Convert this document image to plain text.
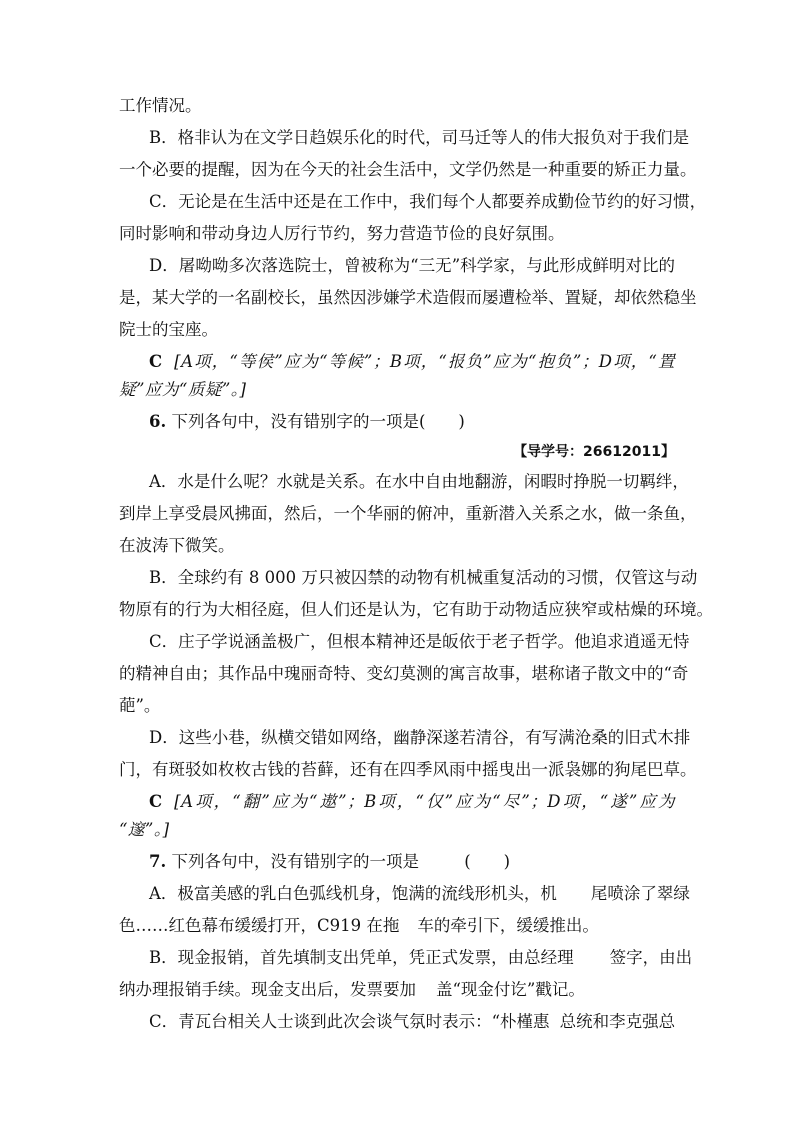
工作情况。
B．格非认为在文学日趋娱乐化的时代，司马迁等人的伟大报负对于我们是
一个必要的提醒，因为在今天的社会生活中，文学仍然是一种重要的矫正力量。
C．无论是在生活中还是在工作中，我们每个人都要养成勤俭节约的好习惯，
同时影响和带动身边人厉行节约，努力营造节俭的良好氛围。
D．屠呦呦多次落选院士，曾被称为“三无”科学家，与此形成鲜明对比的
是，某大学的一名副校长，虽然因涉嫌学术造假而屡遭检举、置疑，却依然稳坐
院士的宝座。
C [A项，“等侯”应为“等候”；B项，“报负”应为“抱负”；D项，“置
疑”应为“质疑”。]
6. 下列各句中，没有错别字的一项是(　　)
【导学号：26612011】
A．水是什么呢？水就是关系。在水中自由地翻游，闲暇时挣脱一切羁绊，
到岸上享受晨风拂面，然后，一个华丽的俯冲，重新潜入关系之水，做一条鱼，
在波涛下微笑。
B．全球约有 8 000 万只被囚禁的动物有机械重复活动的习惯，仅管这与动
物原有的行为大相径庭，但人们还是认为，它有助于动物适应狭窄或枯燥的环境。
C．庄子学说涵盖极广，但根本精神还是皈依于老子哲学。他追求逍遥无恃
的精神自由；其作品中瑰丽奇特、变幻莫测的寓言故事，堪称诸子散文中的“奇
葩”。
D．这些小巷，纵横交错如网络，幽静深遂若清谷，有写满沧桑的旧式木排
门，有斑驳如枚枚古钱的苔藓，还有在四季风雨中摇曳出一派袅娜的狗尾巴草。
C [A项，“翻”应为“遨”；B项，“仅”应为“尽”；D项，“遂”应为
“邃”。]
7. 下列各句中，没有错别字的一项是	(　　)
A．极富美感的乳白色弧线机身，饱满的流线形机头，机 尾喷涂了翠绿
色……红色幕布缓缓打开，C919 在拖 车的牵引下，缓缓推出。
B．现金报销，首先填制支出凭单，凭正式发票，由总经理 签字，由出
纳办理报销手续。现金支出后，发票要加 盖“现金付讫”戳记。
C．青瓦台相关人士谈到此次会谈气氛时表示：“朴槿惠 总统和李克强总
